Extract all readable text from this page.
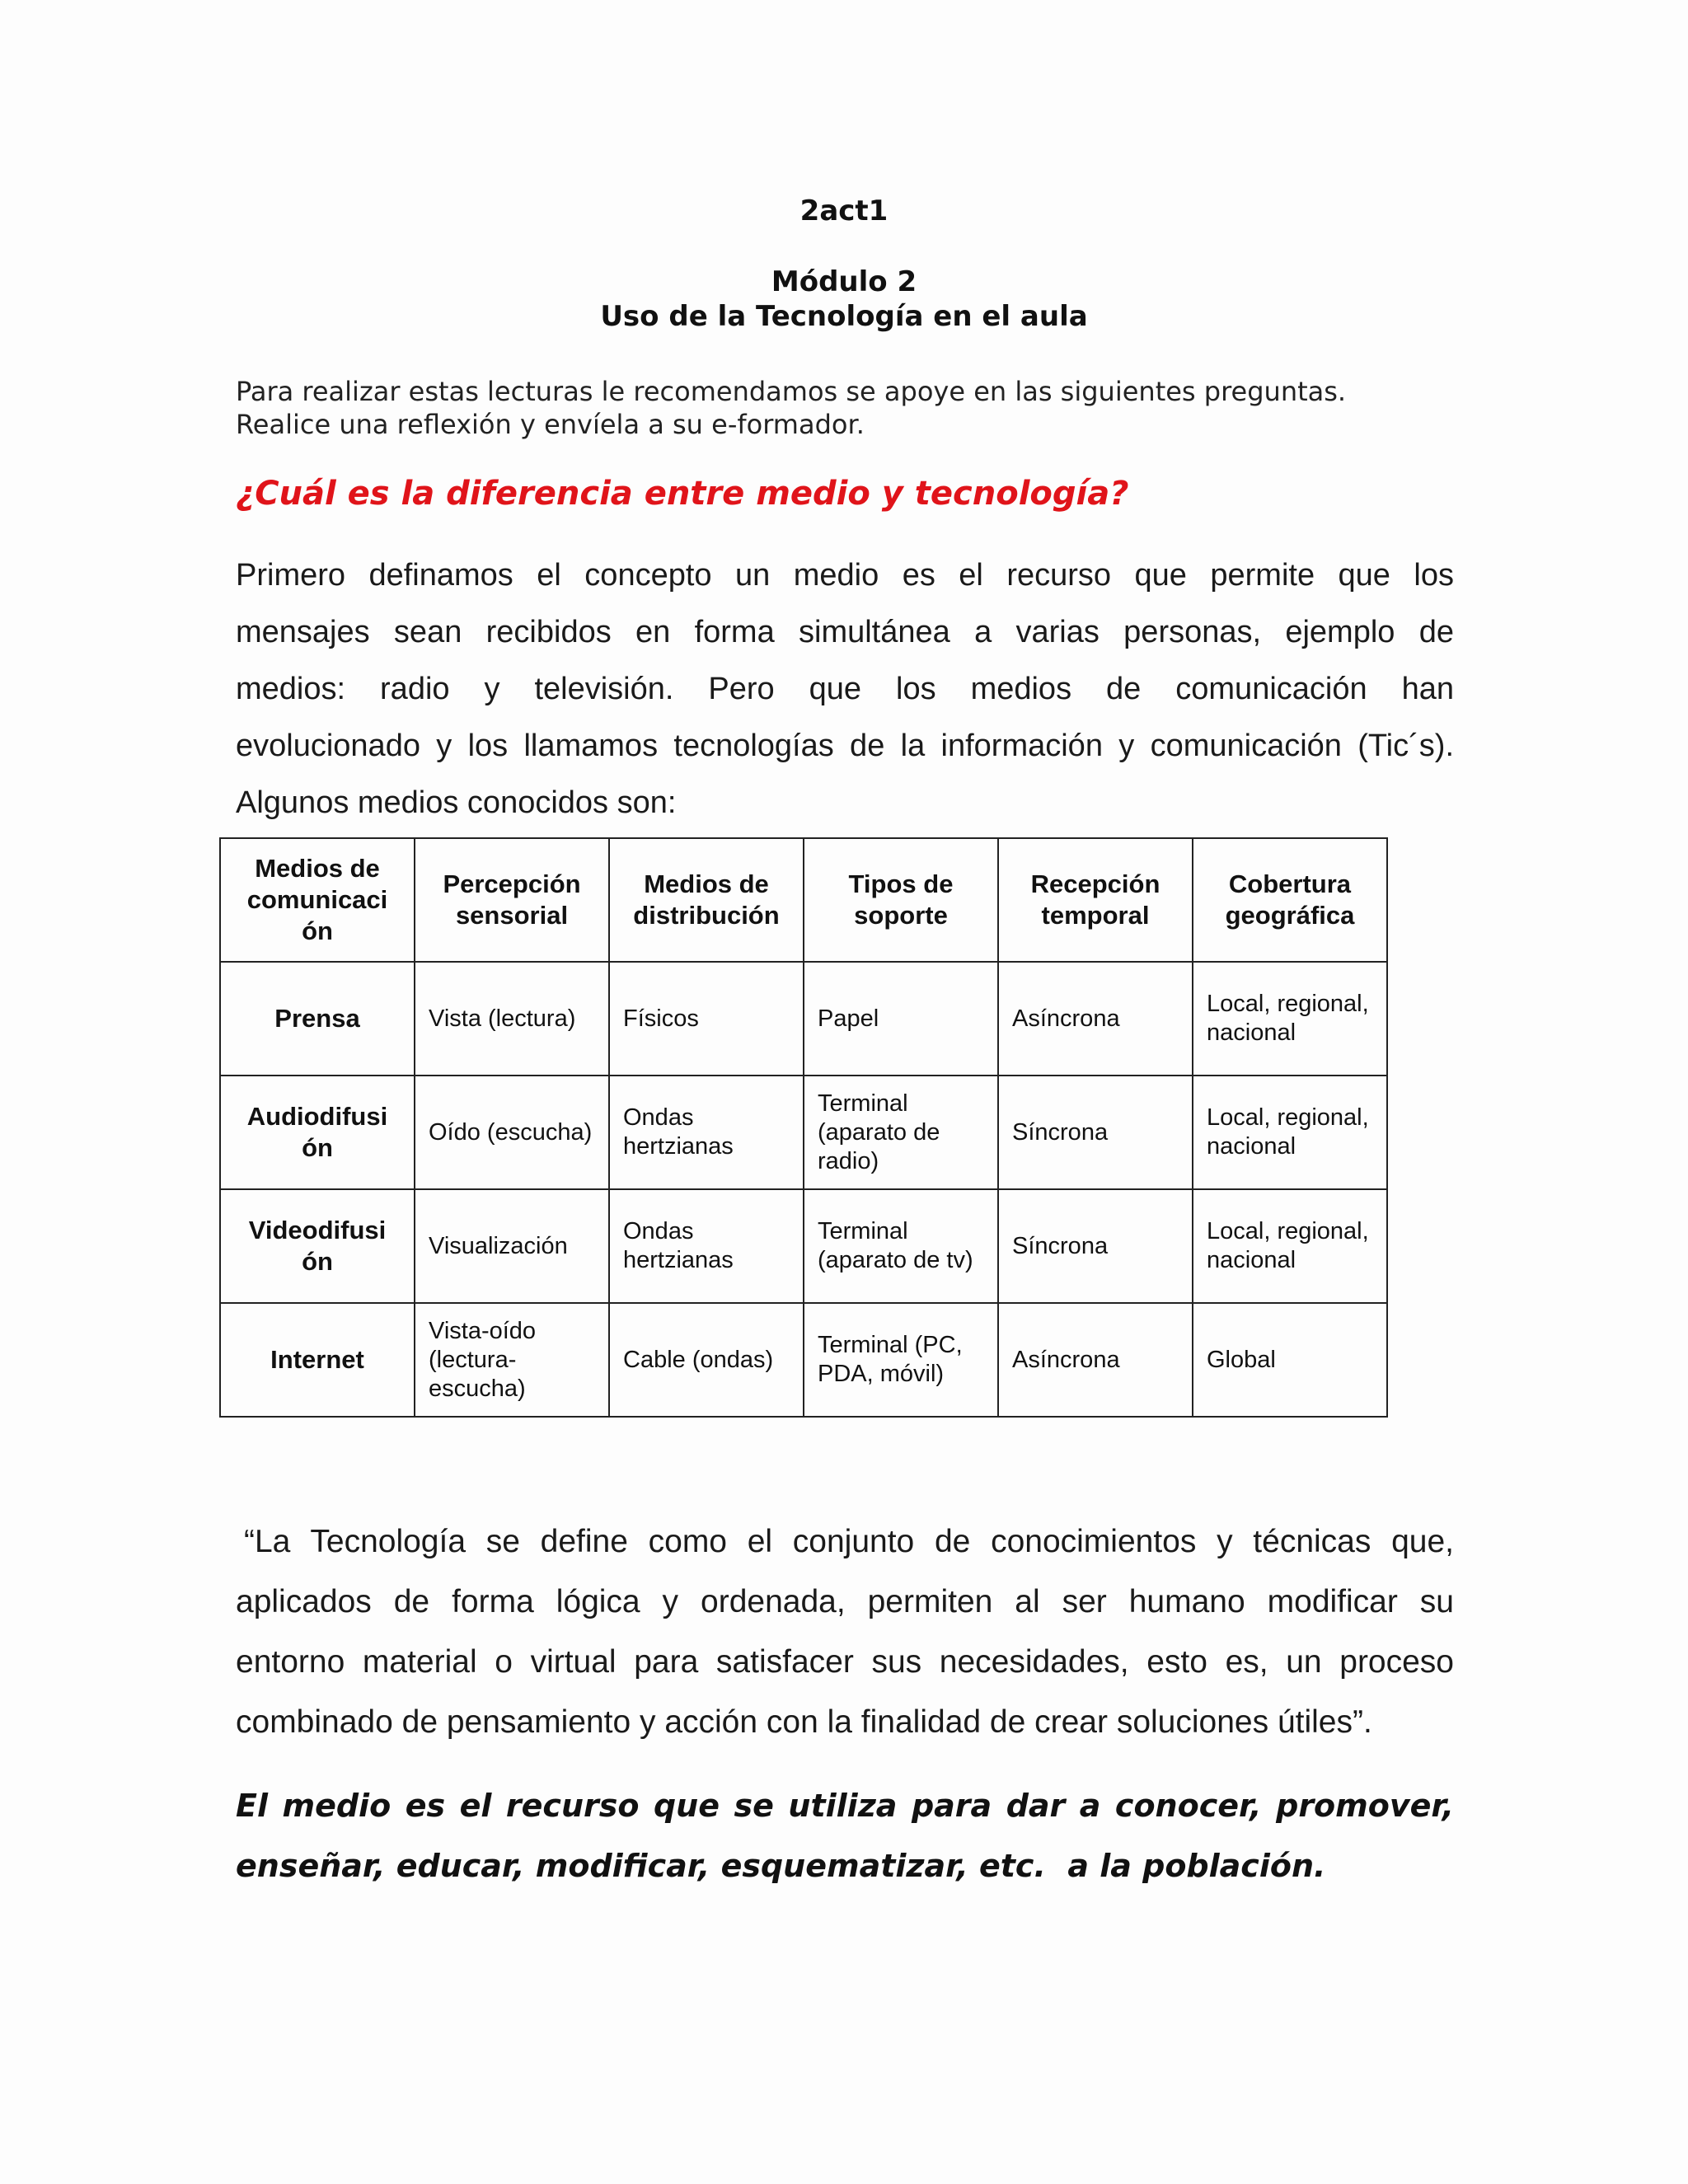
2act1
Módulo 2
Uso de la Tecnología en el aula
Para realizar estas lecturas le recomendamos se apoye en las siguientes preguntas.
Realice una reflexión y envíela a su e-formador.
¿Cuál es la diferencia entre medio y tecnología?
Primero definamos el concepto un medio es el recurso que permite que los
mensajes sean recibidos en forma simultánea a varias personas, ejemplo de
medios: radio y televisión. Pero que los medios de comunicación han
evolucionado y los llamamos tecnologías de la información y comunicación (Tic´s).
Algunos medios conocidos son:
Medios de comunicaci ón	Percepción sensorial	Medios de distribución	Tipos de soporte	Recepción temporal	Cobertura geográfica
Prensa	Vista (lectura)	Físicos	Papel	Asíncrona	Local, regional, nacional
Audiodifusi ón	Oído (escucha)	Ondas hertzianas	Terminal (aparato de radio)	Síncrona	Local, regional, nacional
Videodifusi ón	Visualización	Ondas hertzianas	Terminal (aparato de tv)	Síncrona	Local, regional, nacional
Internet	Vista-oído (lectura- escucha)	Cable (ondas)	Terminal (PC, PDA, móvil)	Asíncrona	Global
“La Tecnología se define como el conjunto de conocimientos y técnicas que,
aplicados de forma lógica y ordenada, permiten al ser humano modificar su
entorno material o virtual para satisfacer sus necesidades, esto es, un proceso
combinado de pensamiento y acción con la finalidad de crear soluciones útiles”.
El medio es el recurso que se utiliza para dar a conocer, promover,
enseñar, educar, modificar, esquematizar, etc.  a la población.
